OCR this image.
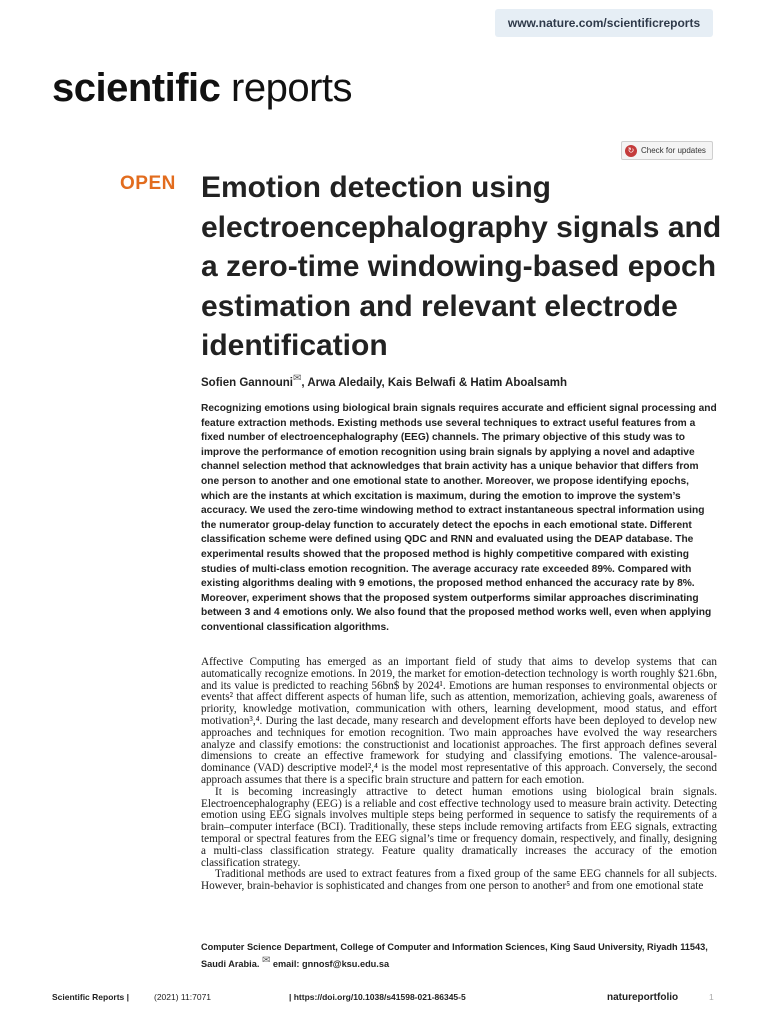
www.nature.com/scientificreports
scientific reports
↻ Check for updates
OPEN Emotion detection using electroencephalography signals and a zero-time windowing-based epoch estimation and relevant electrode identification
Sofien Gannouni✉, Arwa Aledaily, Kais Belwafi & Hatim Aboalsamh

Recognizing emotions using biological brain signals requires accurate and efficient signal processing and feature extraction methods. Existing methods use several techniques to extract useful features from a fixed number of electroencephalography (EEG) channels. The primary objective of this study was to improve the performance of emotion recognition using brain signals by applying a novel and adaptive channel selection method that acknowledges that brain activity has a unique behavior that differs from one person to another and one emotional state to another. Moreover, we propose identifying epochs, which are the instants at which excitation is maximum, during the emotion to improve the system’s accuracy. We used the zero-time windowing method to extract instantaneous spectral information using the numerator group-delay function to accurately detect the epochs in each emotional state. Different classification scheme were defined using QDC and RNN and evaluated using the DEAP database. The experimental results showed that the proposed method is highly competitive compared with existing studies of multi-class emotion recognition. The average accuracy rate exceeded 89%. Compared with existing algorithms dealing with 9 emotions, the proposed method enhanced the accuracy rate by 8%. Moreover, experiment shows that the proposed system outperforms similar approaches discriminating between 3 and 4 emotions only. We also found that the proposed method works well, even when applying conventional classification algorithms.

Affective Computing has emerged as an important field of study that aims to develop systems that can automatically recognize emotions. In 2019, the market for emotion-detection technology is worth roughly $21.6bn, and its value is predicted to reaching 56bn$ by 2024¹. Emotions are human responses to environmental objects or events² that affect different aspects of human life, such as attention, memorization, achieving goals, awareness of priority, knowledge motivation, communication with others, learning development, mood status, and effort motivation³,⁴. During the last decade, many research and development efforts have been deployed to develop new approaches and techniques for emotion recognition. Two main approaches have evolved the way researchers analyze and classify emotions: the constructionist and locationist approaches. The first approach defines several dimensions to create an effective framework for studying and classifying emotions. The valence-arousal-dominance (VAD) descriptive model²,⁴ is the model most representative of this approach. Conversely, the second approach assumes that there is a specific brain structure and pattern for each emotion.

It is becoming increasingly attractive to detect human emotions using biological brain signals. Electroencephalography (EEG) is a reliable and cost effective technology used to measure brain activity. Detecting emotion using EEG signals involves multiple steps being performed in sequence to satisfy the requirements of a brain–computer interface (BCI). Traditionally, these steps include removing artifacts from EEG signals, extracting temporal or spectral features from the EEG signal’s time or frequency domain, respectively, and finally, designing a multi-class classification strategy. Feature quality dramatically increases the accuracy of the emotion classification strategy.

Traditional methods are used to extract features from a fixed group of the same EEG channels for all subjects. However, brain-behavior is sophisticated and changes from one person to another⁵ and from one emotional state

Computer Science Department, College of Computer and Information Sciences, King Saud University, Riyadh 11543, Saudi Arabia. ✉ email: gnnosf@ksu.edu.sa
Scientific Reports |	(2021) 11:7071	| https://doi.org/10.1038/s41598-021-86345-5	natureportfolio	1
